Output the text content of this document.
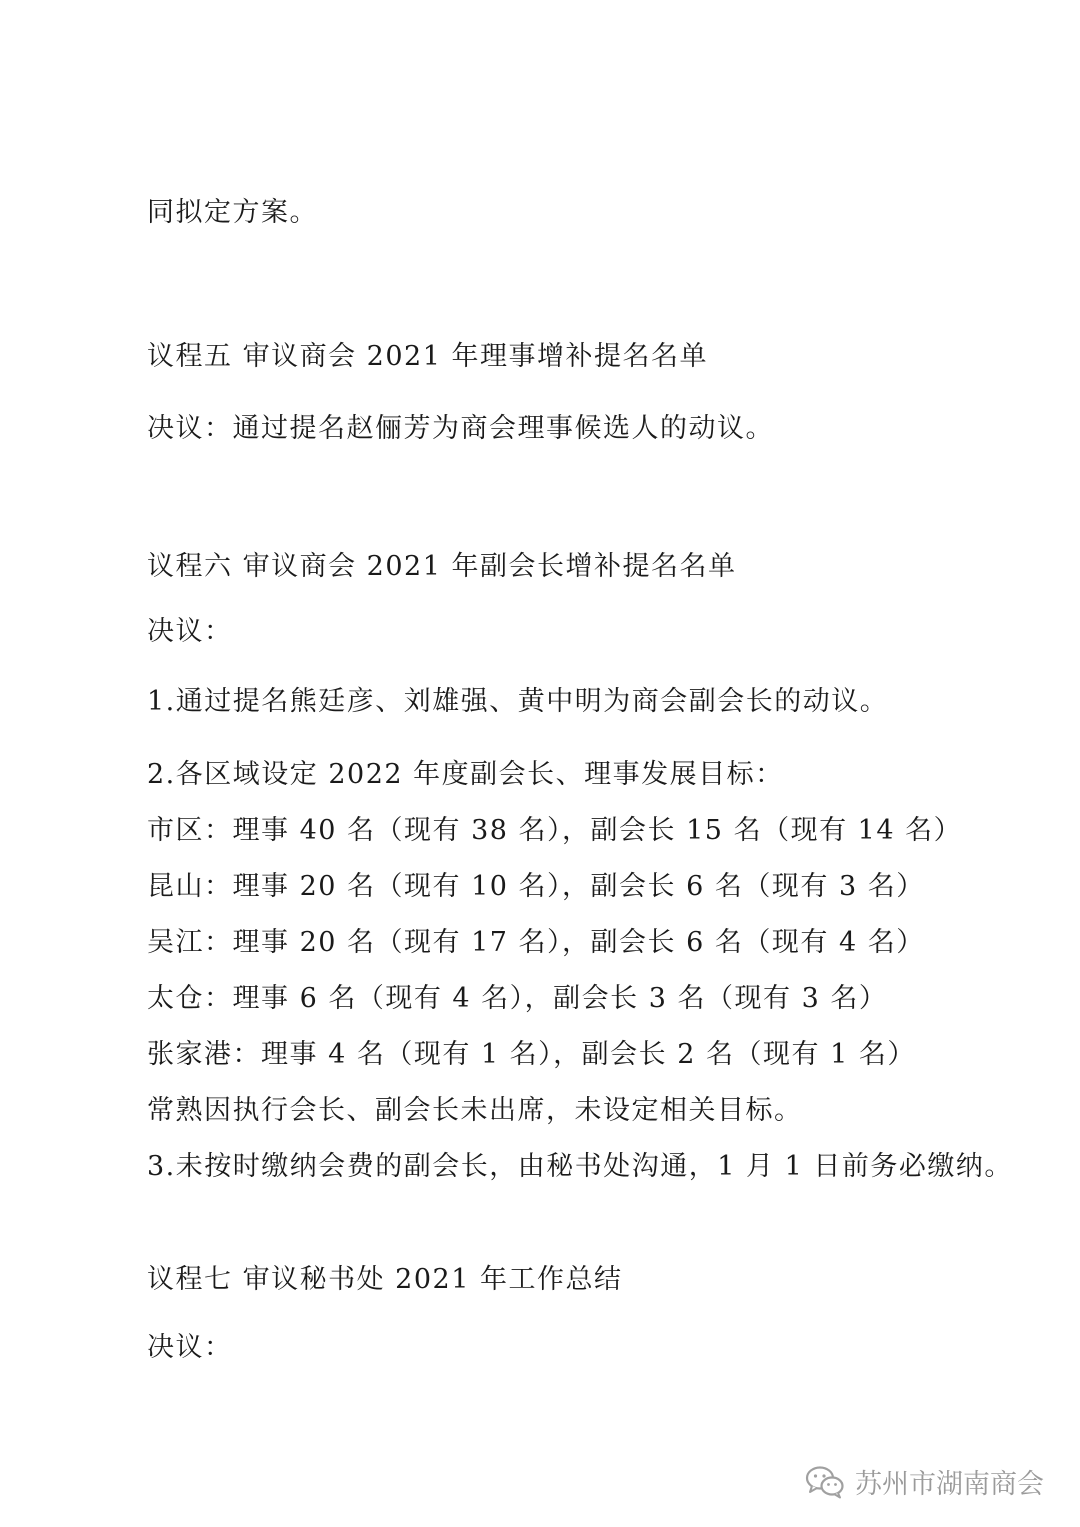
同拟定方案。
议程五 审议商会 2021 年理事增补提名名单
决议：通过提名赵俪芳为商会理事候选人的动议。
议程六 审议商会 2021 年副会长增补提名名单
决议：
1.通过提名熊廷彦、刘雄强、黄中明为商会副会长的动议。
2.各区域设定 2022 年度副会长、理事发展目标：
市区：理事 40 名（现有 38 名），副会长 15 名（现有 14 名）
昆山：理事 20 名（现有 10 名），副会长 6 名（现有 3 名）
吴江：理事 20 名（现有 17 名），副会长 6 名（现有 4 名）
太仓：理事 6 名（现有 4 名），副会长 3 名（现有 3 名）
张家港：理事 4 名（现有 1 名），副会长 2 名（现有 1 名）
常熟因执行会长、副会长未出席，未设定相关目标。
3.未按时缴纳会费的副会长，由秘书处沟通，1 月 1 日前务必缴纳。
议程七 审议秘书处 2021 年工作总结
决议：
苏州市湖南商会
